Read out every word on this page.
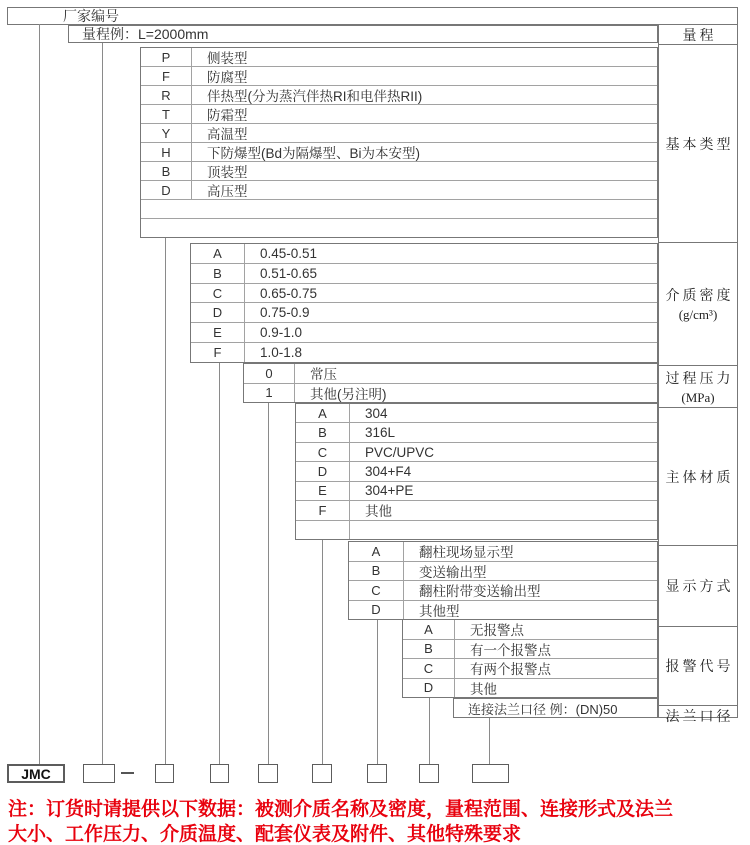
厂家编号
量程例：L=2000mm	量程
基本类型
介质密度
(g/cm³)
过程压力
(MPa)
主体材质
显示方式
报警代号
法兰口径
P	侧装型
F	防腐型
R	伴热型(分为蒸汽伴热RI和电伴热RII)
T	防霜型
Y	高温型
H	下防爆型(Bd为隔爆型、Bi为本安型)
B	顶装型
D	高压型
A	0.45-0.51
B	0.51-0.65
C	0.65-0.75
D	0.75-0.9
E	0.9-1.0
F	1.0-1.8
0	常压
1	其他(另注明)
A	304
B	316L
C	PVC/UPVC
D	304+F4
E	304+PE
F	其他
A	翻柱现场显示型
B	变送输出型
C	翻柱附带变送输出型
D	其他型
A	无报警点
B	有一个报警点
C	有两个报警点
D	其他
连接法兰口径 例：(DN)50
JMC
注：订货时请提供以下数据：被测介质名称及密度，量程范围、连接形式及法兰
大小、工作压力、介质温度、配套仪表及附件、其他特殊要求
